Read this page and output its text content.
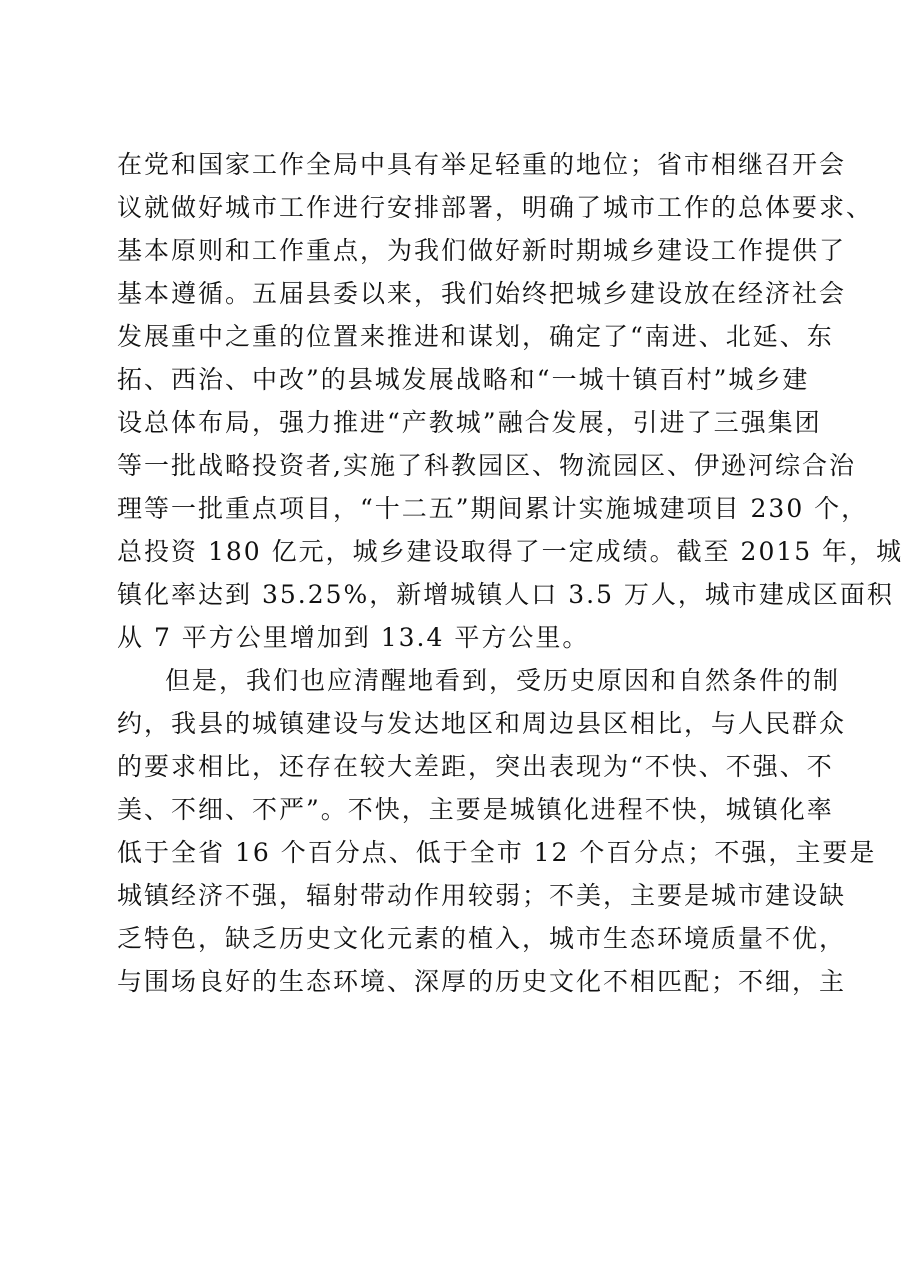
在党和国家工作全局中具有举足轻重的地位；省市相继召开会

议就做好城市工作进行安排部署，明确了城市工作的总体要求、

基本原则和工作重点，为我们做好新时期城乡建设工作提供了

基本遵循。五届县委以来，我们始终把城乡建设放在经济社会

发展重中之重的位置来推进和谋划，确定了“南进、北延、东

拓、西治、中改”的县城发展战略和“一城十镇百村”城乡建

设总体布局，强力推进“产教城”融合发展，引进了三强集团

等一批战略投资者,实施了科教园区、物流园区、伊逊河综合治

理等一批重点项目，“十二五”期间累计实施城建项目 230 个，

总投资 180 亿元，城乡建设取得了一定成绩。截至 2015 年，城

镇化率达到 35.25%，新增城镇人口 3.5 万人，城市建成区面积

从 7 平方公里增加到 13.4 平方公里。

但是，我们也应清醒地看到，受历史原因和自然条件的制

约，我县的城镇建设与发达地区和周边县区相比，与人民群众

的要求相比，还存在较大差距，突出表现为“不快、不强、不

美、不细、不严”。不快，主要是城镇化进程不快，城镇化率

低于全省 16 个百分点、低于全市 12 个百分点；不强，主要是

城镇经济不强，辐射带动作用较弱；不美，主要是城市建设缺

乏特色，缺乏历史文化元素的植入，城市生态环境质量不优，

与围场良好的生态环境、深厚的历史文化不相匹配；不细，主
